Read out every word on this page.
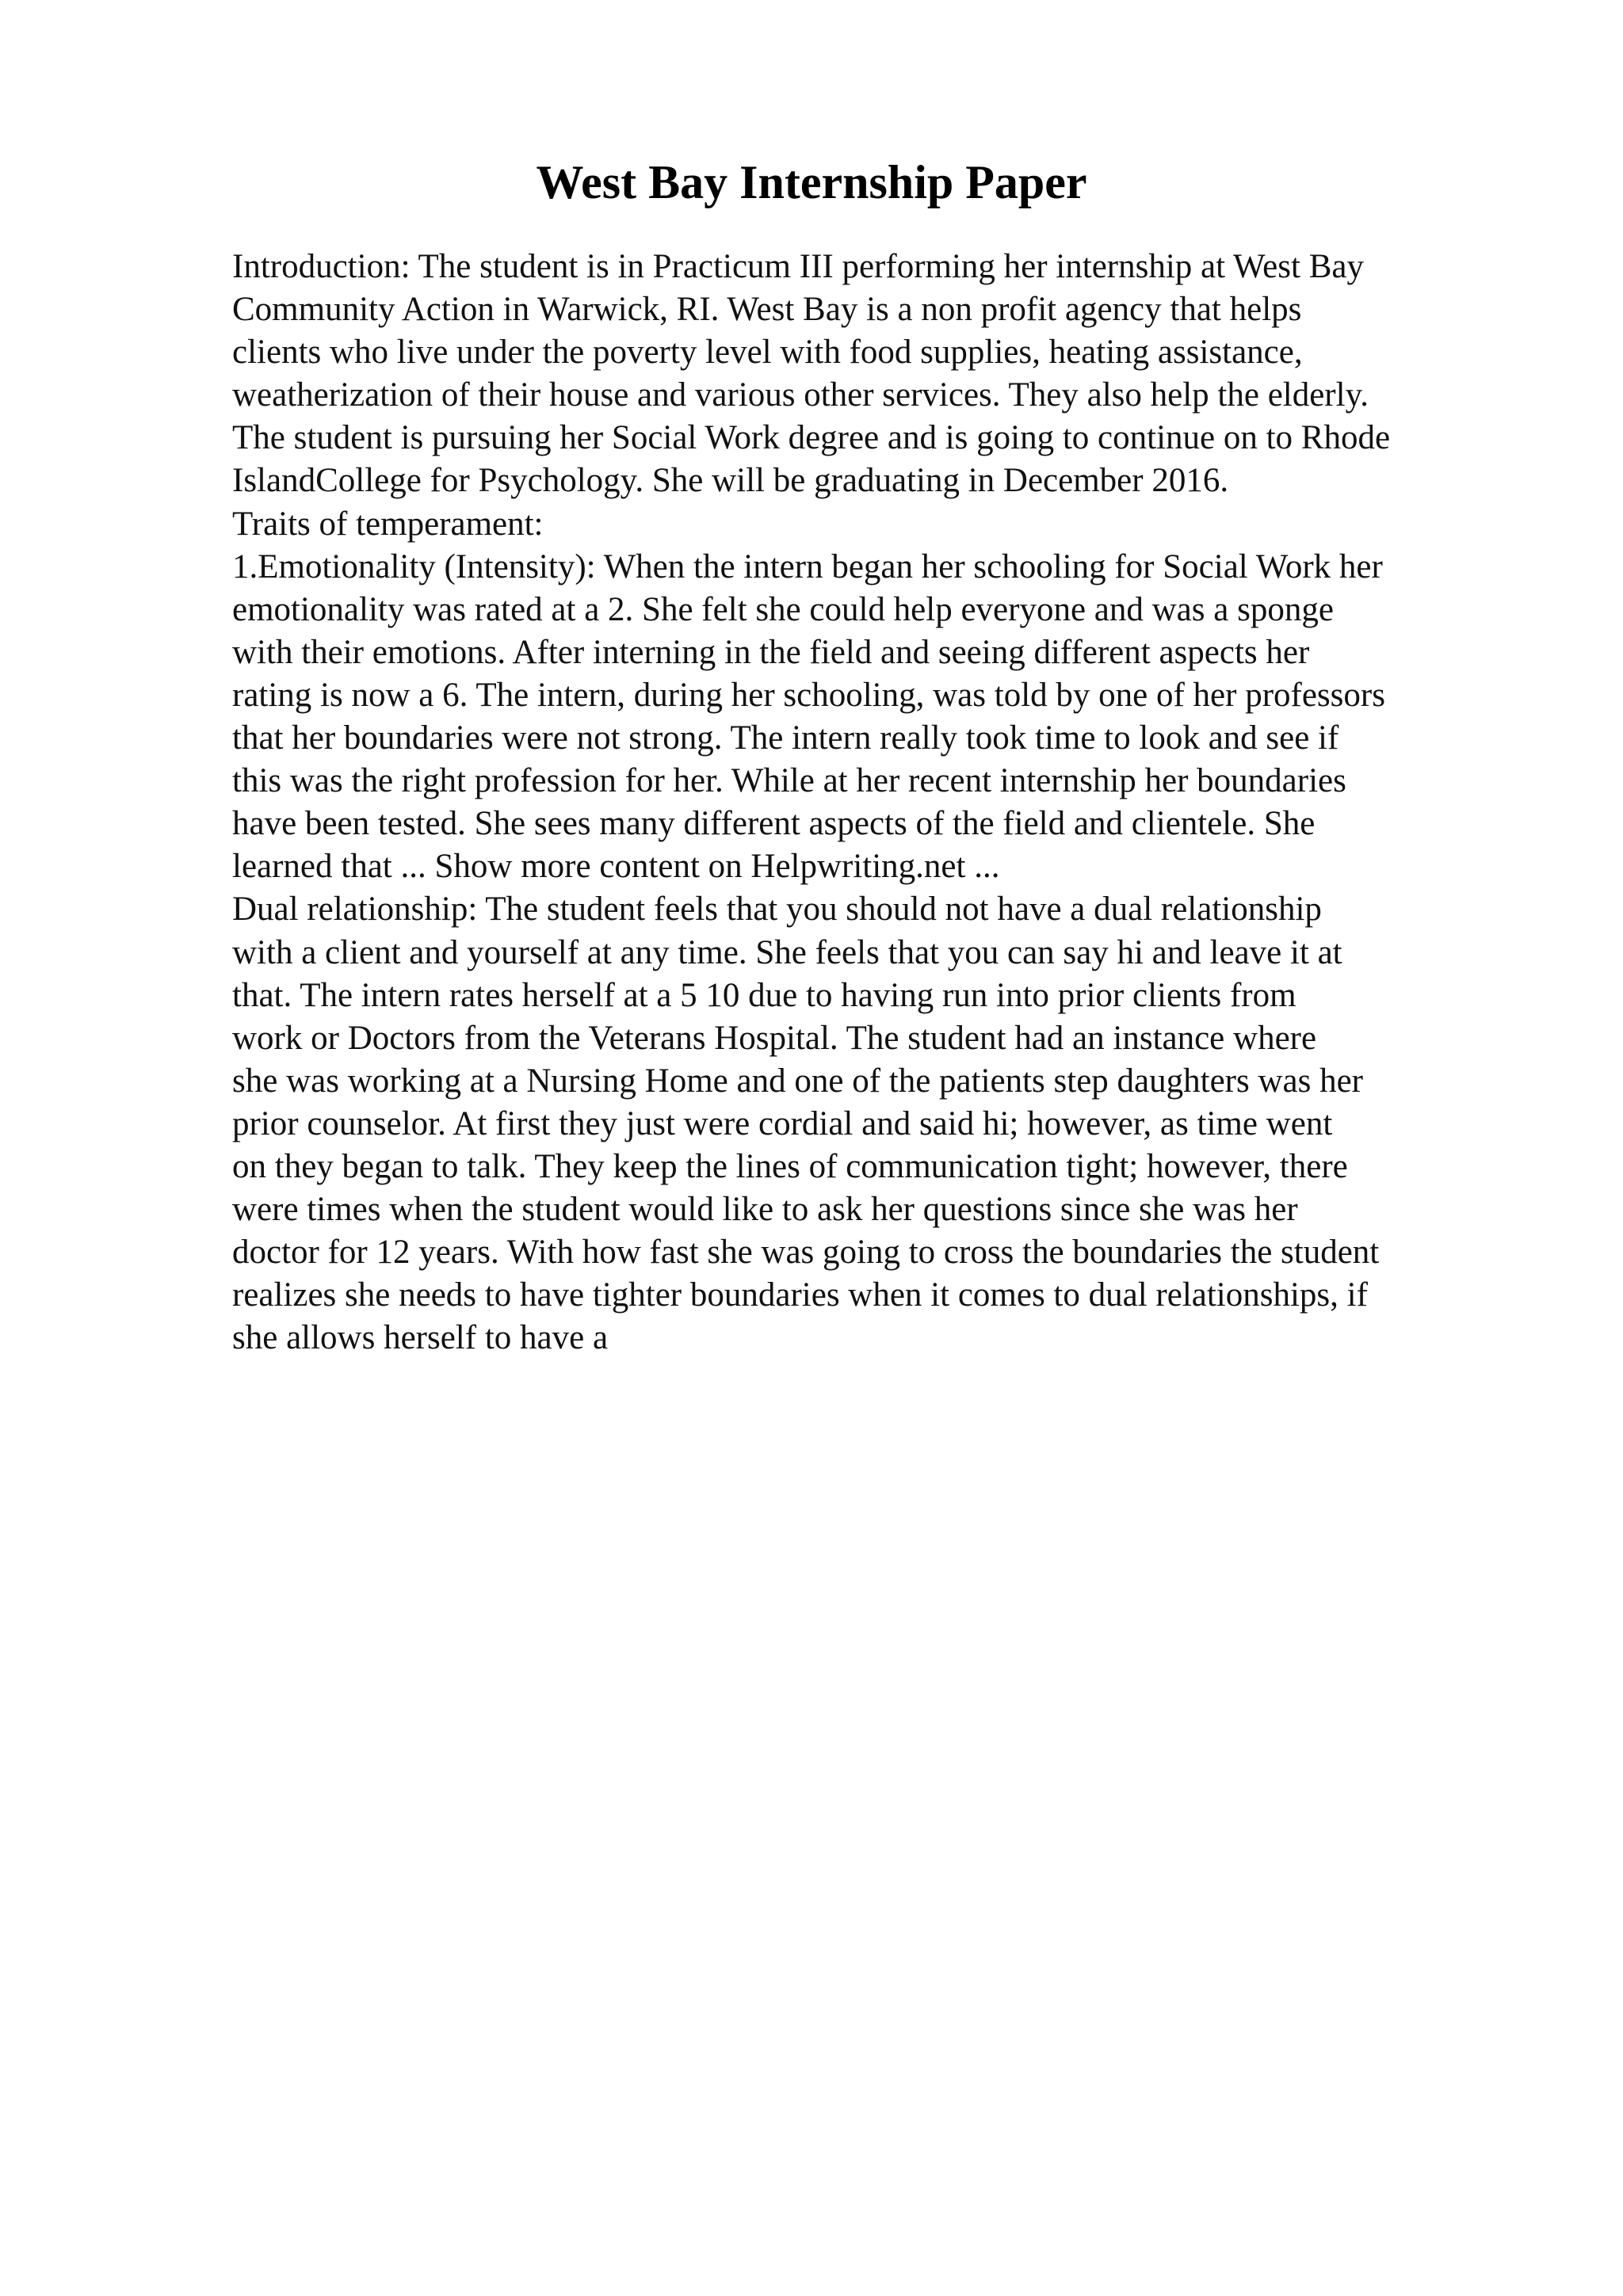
West Bay Internship Paper
Introduction: The student is in Practicum III performing her internship at West Bay
Community Action in Warwick, RI. West Bay is a non profit agency that helps
clients who live under the poverty level with food supplies, heating assistance,
weatherization of their house and various other services. They also help the elderly.
The student is pursuing her Social Work degree and is going to continue on to Rhode
IslandCollege for Psychology. She will be graduating in December 2016.
Traits of temperament:
1.Emotionality (Intensity): When the intern began her schooling for Social Work her
emotionality was rated at a 2. She felt she could help everyone and was a sponge
with their emotions. After interning in the field and seeing different aspects her
rating is now a 6. The intern, during her schooling, was told by one of her professors
that her boundaries were not strong. The intern really took time to look and see if
this was the right profession for her. While at her recent internship her boundaries
have been tested. She sees many different aspects of the field and clientele. She
learned that ... Show more content on Helpwriting.net ...
Dual relationship: The student feels that you should not have a dual relationship
with a client and yourself at any time. She feels that you can say hi and leave it at
that. The intern rates herself at a 5 10 due to having run into prior clients from
work or Doctors from the Veterans Hospital. The student had an instance where
she was working at a Nursing Home and one of the patients step daughters was her
prior counselor. At first they just were cordial and said hi; however, as time went
on they began to talk. They keep the lines of communication tight; however, there
were times when the student would like to ask her questions since she was her
doctor for 12 years. With how fast she was going to cross the boundaries the student
realizes she needs to have tighter boundaries when it comes to dual relationships, if
she allows herself to have a
